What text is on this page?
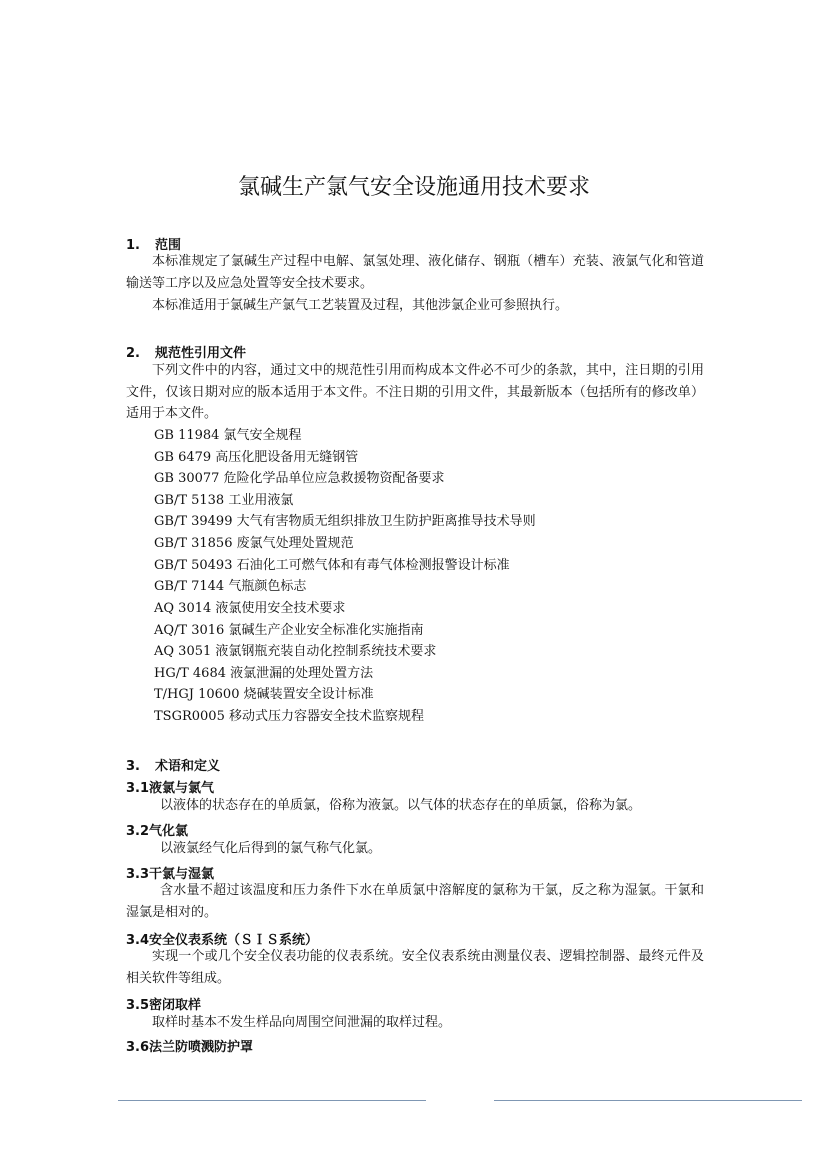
氯碱生产氯气安全设施通用技术要求
1. 范围
本标准规定了氯碱生产过程中电解、氯氢处理、液化储存、钢瓶（槽车）充装、液氯气化和管道输送等工序以及应急处置等安全技术要求。
本标准适用于氯碱生产氯气工艺装置及过程，其他涉氯企业可参照执行。
2. 规范性引用文件
下列文件中的内容，通过文中的规范性引用而构成本文件必不可少的条款，其中，注日期的引用文件，仅该日期对应的版本适用于本文件。不注日期的引用文件，其最新版本（包括所有的修改单）适用于本文件。
GB 11984 氯气安全规程
GB 6479 高压化肥设备用无缝钢管
GB 30077 危险化学品单位应急救援物资配备要求
GB/T 5138 工业用液氯
GB/T 39499 大气有害物质无组织排放卫生防护距离推导技术导则
GB/T 31856 废氯气处理处置规范
GB/T 50493 石油化工可燃气体和有毒气体检测报警设计标准
GB/T 7144 气瓶颜色标志
AQ 3014 液氯使用安全技术要求
AQ/T 3016 氯碱生产企业安全标准化实施指南
AQ 3051 液氯钢瓶充装自动化控制系统技术要求
HG/T 4684 液氯泄漏的处理处置方法
T/HGJ 10600 烧碱装置安全设计标准
TSGR0005 移动式压力容器安全技术监察规程
3. 术语和定义
3.1液氯与氯气
以液体的状态存在的单质氯，俗称为液氯。以气体的状态存在的单质氯，俗称为氯。
3.2气化氯
以液氯经气化后得到的氯气称气化氯。
3.3干氯与湿氯
含水量不超过该温度和压力条件下水在单质氯中溶解度的氯称为干氯，反之称为湿氯。干氯和湿氯是相对的。
3.4安全仪表系统（ＳＩＳ系统）
实现一个或几个安全仪表功能的仪表系统。安全仪表系统由测量仪表、逻辑控制器、最终元件及相关软件等组成。
3.5密闭取样
取样时基本不发生样品向周围空间泄漏的取样过程。
3.6法兰防喷溅防护罩
